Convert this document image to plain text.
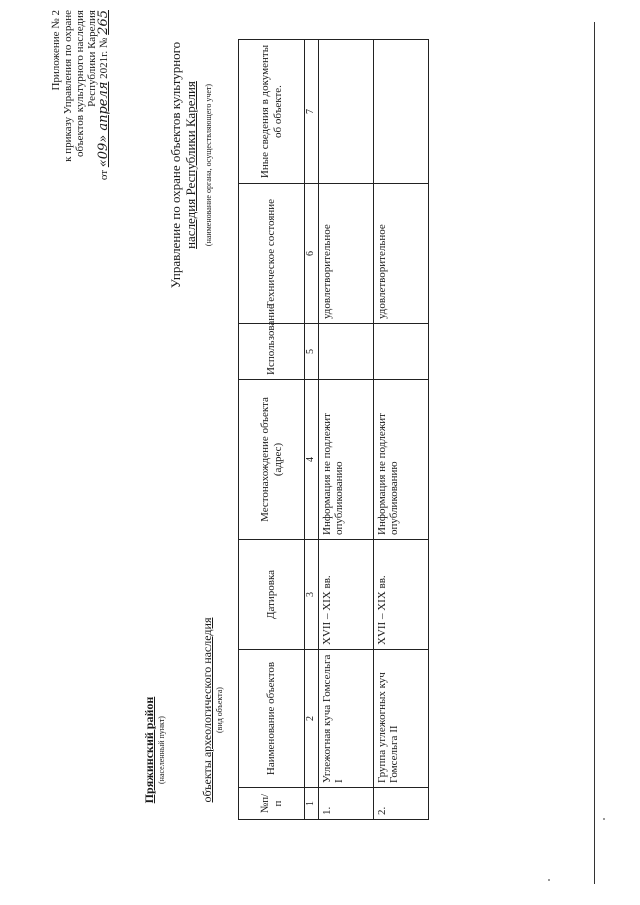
Приложение № 2 к приказу Управления по охране объектов культурного наследия Республики Карелия
от «09» апреля 2021г. № 265
Управление по охране объектов культурного наследия Республики Карелия (наименование органа, осуществляющего учет)
Пряжинский район (населенный пункт)	объекты археологического наследия (вид объекта)
№п/п	Наименование объектов	Датировка	Местонахождение объекта (адрес)	Использование	Техническое состояние	Иные сведения в документы об объекте.
1	2	3	4	5	6	7
1.	Углежогная куча Гомсельга I	XVII – XIX вв.	Информация не подлежит опубликованию		удовлетворительное	
2.	Группа углежогных куч Гомсельга II	XVII – XIX вв.	Информация не подлежит опубликованию		удовлетворительное	
